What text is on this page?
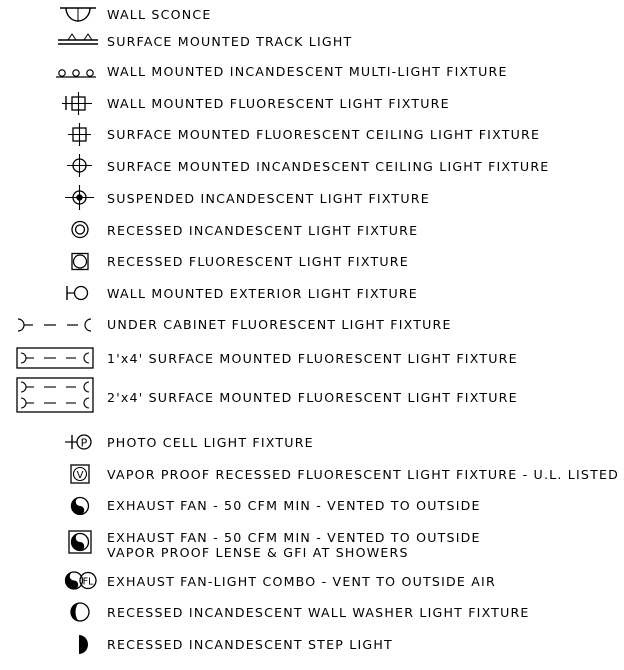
WALL SCONCE
SURFACE MOUNTED TRACK LIGHT
WALL MOUNTED INCANDESCENT MULTI-LIGHT FIXTURE
WALL MOUNTED FLUORESCENT LIGHT FIXTURE
SURFACE MOUNTED FLUORESCENT CEILING LIGHT FIXTURE
SURFACE MOUNTED INCANDESCENT CEILING LIGHT FIXTURE
SUSPENDED INCANDESCENT LIGHT FIXTURE
RECESSED INCANDESCENT LIGHT FIXTURE
RECESSED FLUORESCENT LIGHT FIXTURE
WALL MOUNTED EXTERIOR LIGHT FIXTURE
UNDER CABINET FLUORESCENT LIGHT FIXTURE
1'x4' SURFACE MOUNTED FLUORESCENT LIGHT FIXTURE
2'x4' SURFACE MOUNTED FLUORESCENT LIGHT FIXTURE
P PHOTO CELL LIGHT FIXTURE
V VAPOR PROOF RECESSED FLUORESCENT LIGHT FIXTURE - U.L. LISTED
EXHAUST FAN - 50 CFM MIN - VENTED TO OUTSIDE
EXHAUST FAN - 50 CFM MIN - VENTED TO OUTSIDE
VAPOR PROOF LENSE & GFI AT SHOWERS
FL EXHAUST FAN-LIGHT COMBO - VENT TO OUTSIDE AIR
RECESSED INCANDESCENT WALL WASHER LIGHT FIXTURE
RECESSED INCANDESCENT STEP LIGHT
